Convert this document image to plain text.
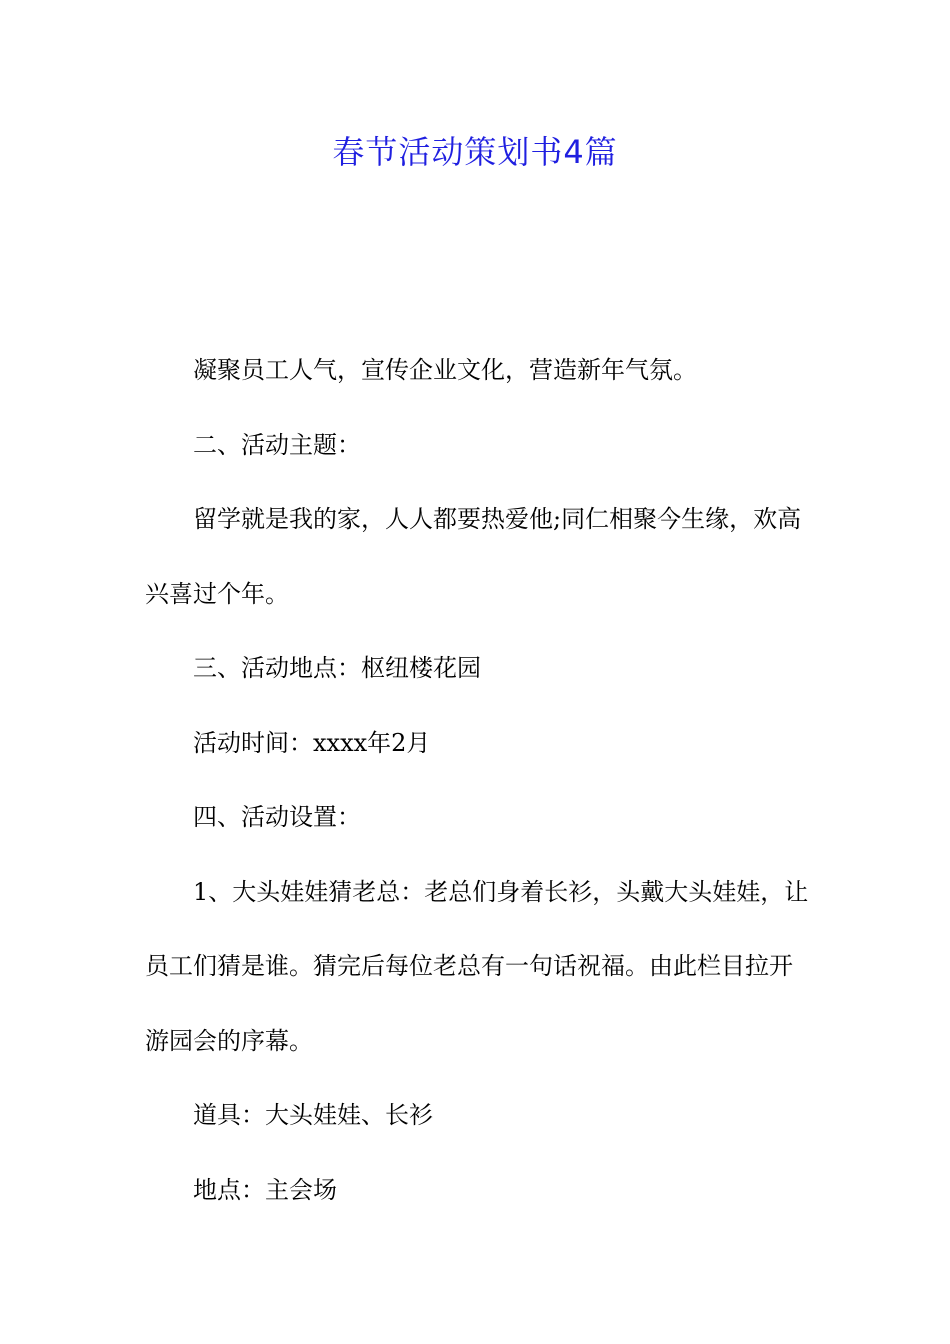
春节活动策划书4篇

凝聚员工人气，宣传企业文化，营造新年气氛。

二、活动主题：

留学就是我的家，人人都要热爱他;同仁相聚今生缘，欢高兴喜过个年。

三、活动地点：枢纽楼花园

活动时间：xxxx年2月

四、活动设置：

1、大头娃娃猜老总：老总们身着长衫，头戴大头娃娃，让员工们猜是谁。猜完后每位老总有一句话祝福。由此栏目拉开游园会的序幕。

道具：大头娃娃、长衫

地点：主会场
